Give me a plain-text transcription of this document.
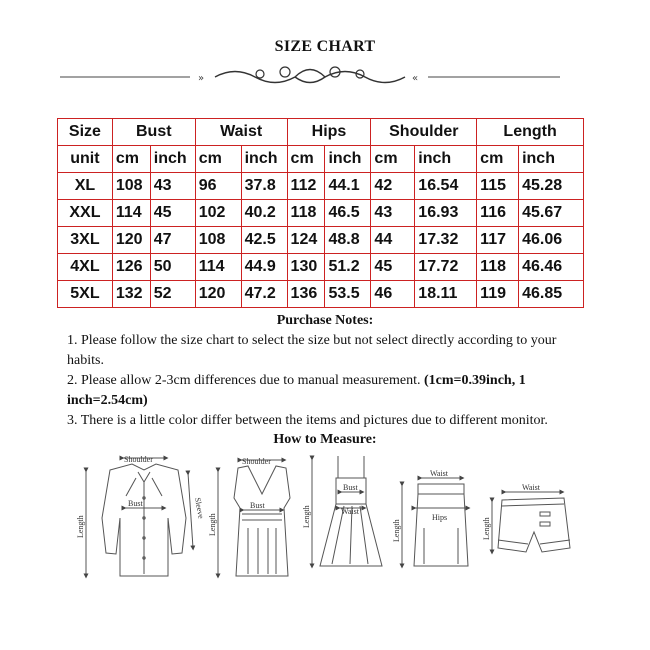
SIZE CHART
»	«
Size	Bust		Waist		Hips		Shoulder		Length	
unit	cm	inch	cm	inch	cm	inch	cm	inch	cm	inch
XL	108	43	96	37.8	112	44.1	42	16.54	115	45.28
XXL	114	45	102	40.2	118	46.5	43	16.93	116	45.67
3XL	120	47	108	42.5	124	48.8	44	17.32	117	46.06
4XL	126	50	114	44.9	130	51.2	45	17.72	118	46.46
5XL	132	52	120	47.2	136	53.5	46	18.11	119	46.85
Purchase Notes:
1. Please follow the size chart to select the size but not select directly according to your habits.
2. Please allow 2-3cm differences due to manual measurement. (1cm=0.39inch, 1 inch=2.54cm)
3. There is a little color differ between the items and pictures due to different monitor.
How to Measure:
Shoulder
Bust
Length
Sleeve
Shoulder
Bust
Length
Bust
Waist
Length
Waist
Hips
Length
Waist
Length
